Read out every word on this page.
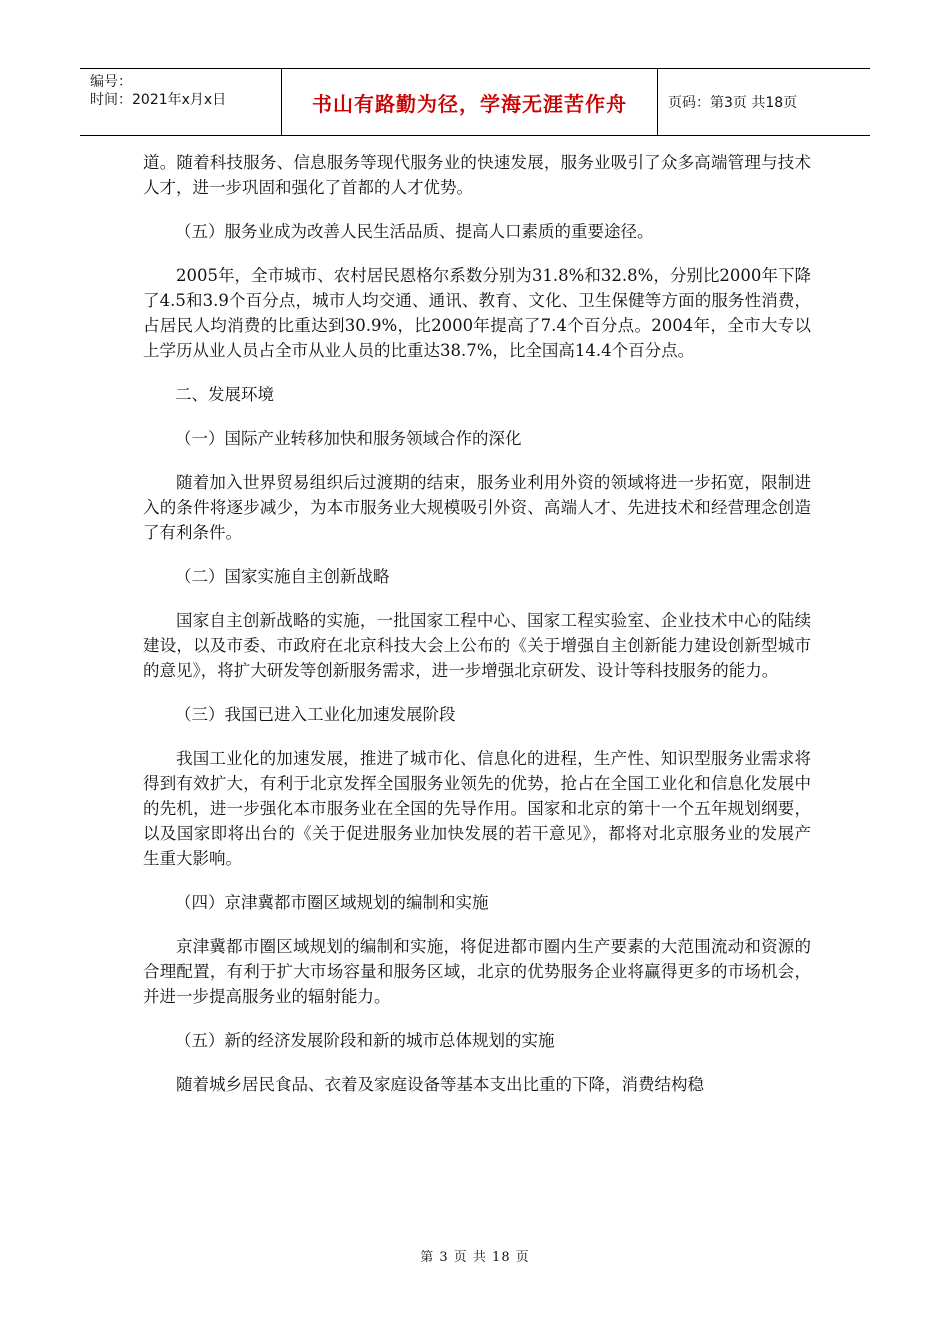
编号：
时间：2021年x月x日	书山有路勤为径，学海无涯苦作舟	页码：第3页 共18页

道。随着科技服务、信息服务等现代服务业的快速发展，服务业吸引了众多高端管理与技术人才，进一步巩固和强化了首都的人才优势。

（五）服务业成为改善人民生活品质、提高人口素质的重要途径。

2005年，全市城市、农村居民恩格尔系数分别为31.8%和32.8%，分别比2000年下降了4.5和3.9个百分点，城市人均交通、通讯、教育、文化、卫生保健等方面的服务性消费，占居民人均消费的比重达到30.9%，比2000年提高了7.4个百分点。2004年，全市大专以上学历从业人员占全市从业人员的比重达38.7%，比全国高14.4个百分点。

二、发展环境

（一）国际产业转移加快和服务领域合作的深化

随着加入世界贸易组织后过渡期的结束，服务业利用外资的领域将进一步拓宽，限制进入的条件将逐步减少，为本市服务业大规模吸引外资、高端人才、先进技术和经营理念创造了有利条件。

（二）国家实施自主创新战略

国家自主创新战略的实施，一批国家工程中心、国家工程实验室、企业技术中心的陆续建设，以及市委、市政府在北京科技大会上公布的《关于增强自主创新能力建设创新型城市的意见》，将扩大研发等创新服务需求，进一步增强北京研发、设计等科技服务的能力。

（三）我国已进入工业化加速发展阶段

我国工业化的加速发展，推进了城市化、信息化的进程，生产性、知识型服务业需求将得到有效扩大，有利于北京发挥全国服务业领先的优势，抢占在全国工业化和信息化发展中的先机，进一步强化本市服务业在全国的先导作用。国家和北京的第十一个五年规划纲要，以及国家即将出台的《关于促进服务业加快发展的若干意见》，都将对北京服务业的发展产生重大影响。

（四）京津冀都市圈区域规划的编制和实施

京津冀都市圈区域规划的编制和实施，将促进都市圈内生产要素的大范围流动和资源的合理配置，有利于扩大市场容量和服务区域，北京的优势服务企业将赢得更多的市场机会，并进一步提高服务业的辐射能力。

（五）新的经济发展阶段和新的城市总体规划的实施

随着城乡居民食品、衣着及家庭设备等基本支出比重的下降，消费结构稳

第 3 页 共 18 页
